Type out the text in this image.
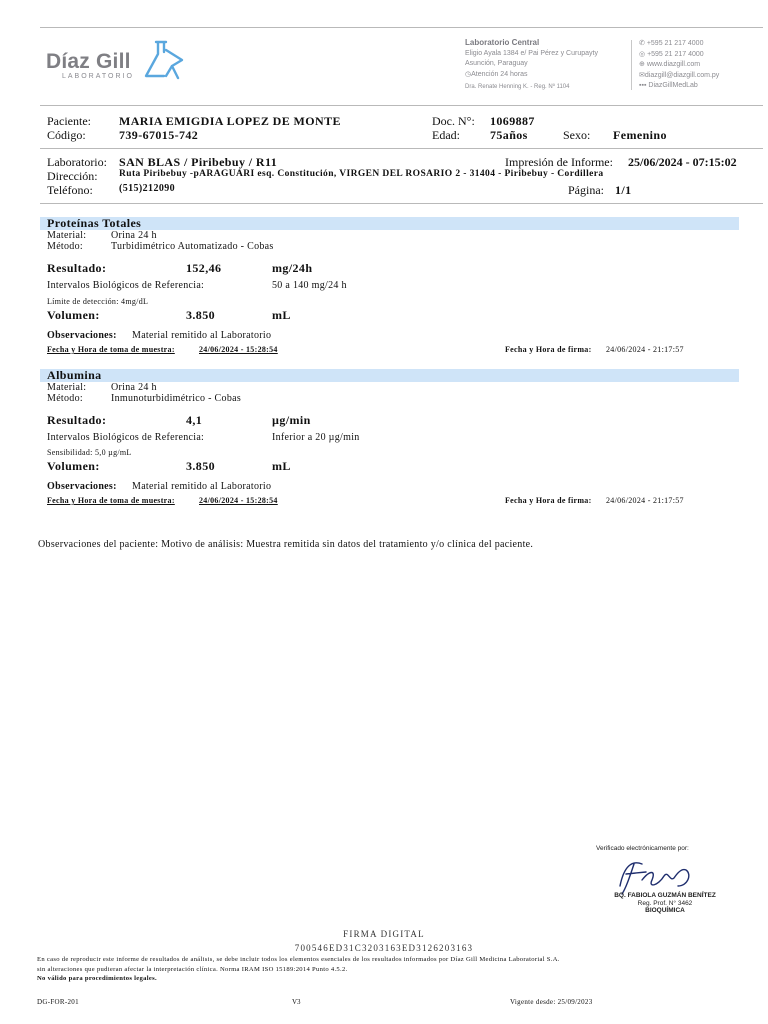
Díaz Gill
LABORATORIO
Laboratorio Central
Eligio Ayala 1384 e/ Pai Pérez y Curupayty
Asunción, Paraguay
◷Atención 24 horas
Dra. Renate Henning K. - Reg. Nº 1104
✆ +595 21 217 4000
◎ +595 21 217 4000
⊕ www.diazgill.com
✉diazgill@diazgill.com.py
▪▪▪ DiazGillMedLab
Paciente: MARIA EMIGDIA LOPEZ DE MONTE
Código:	739-67015-742
Doc. N°: 1069887
Edad:	75años	Sexo: Femenino
Laboratorio: SAN BLAS / Piribebuy / R11	Impresión de Informe: 25/06/2024 - 07:15:02
Dirección: Ruta Piribebuy -pARAGUARI esq. Constitución, VIRGEN DEL ROSARIO 2 - 31404 - Piribebuy - Cordillera
Teléfono:	(515)212090	Página: 1/1
Proteínas Totales
Material: Orina 24 h
Método:	Turbidimétrico Automatizado - Cobas
Resultado:	152,46	mg/24h
Intervalos Biológicos de Referencia:	50 a 140 mg/24 h
Límite de detección: 4mg/dL
Volumen:	3.850	mL
Observaciones: Material remitido al Laboratorio
Fecha y Hora de toma de muestra:	24/06/2024 - 15:28:54	Fecha y Hora de firma: 24/06/2024 - 21:17:57
Albumina
Material: Orina 24 h
Método:	Inmunoturbidimétrico - Cobas
Resultado:	4,1	µg/min
Intervalos Biológicos de Referencia:	Inferior a 20 µg/min
Sensibilidad: 5,0 µg/mL
Volumen:	3.850	mL
Observaciones: Material remitido al Laboratorio
Fecha y Hora de toma de muestra:	24/06/2024 - 15:28:54	Fecha y Hora de firma: 24/06/2024 - 21:17:57
Observaciones del paciente: Motivo de análisis: Muestra remitida sin datos del tratamiento y/o clínica del paciente.
Verificado electrónicamente por:
BQ. FABIOLA GUZMÁN BENÍTEZ
Reg. Prof. N° 3462
BIOQUÍMICA
FIRMA DIGITAL
700546ED31C3203163ED3126203163
En caso de reproducir este informe de resultados de análisis, se debe incluir todos los elementos esenciales de los resultados informados por Díaz Gill Medicina Laboratorial S.A.
sin alteraciones que pudieran afectar la interpretación clínica. Norma IRAM ISO 15189:2014 Punto 4.5.2.
No válido para procedimientos legales.
DG-FOR-201	V3	Vigente desde: 25/09/2023
